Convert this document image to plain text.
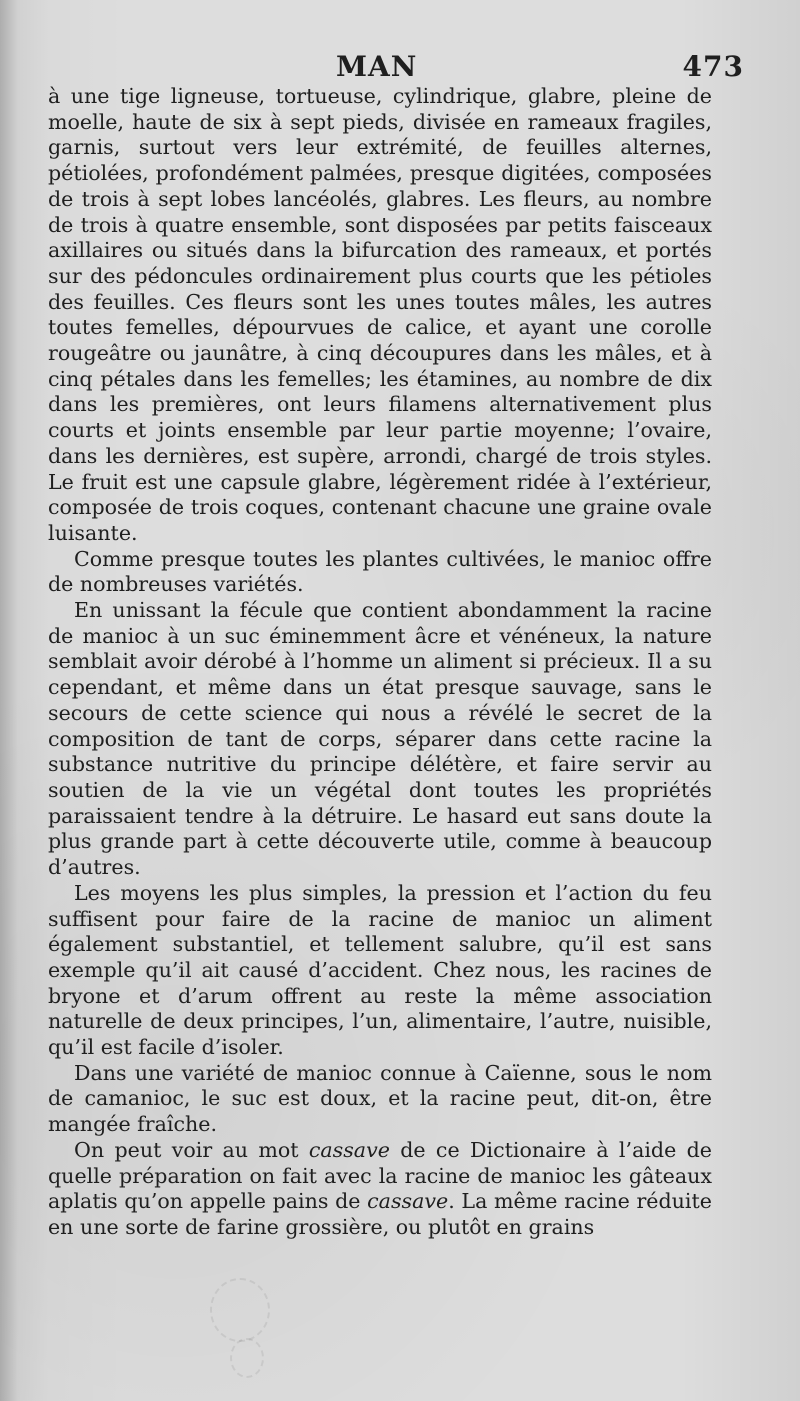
MAN	473

à une tige ligneuse, tortueuse, cylindrique, glabre, pleine de moelle, haute de six à sept pieds, divisée en rameaux fragiles, garnis, surtout vers leur extrémité, de feuilles alternes, pétiolées, profondément palmées, presque digitées, composées de trois à sept lobes lancéolés, glabres. Les fleurs, au nombre de trois à quatre ensemble, sont disposées par petits faisceaux axillaires ou situés dans la bifurcation des rameaux, et portés sur des pédoncules ordinairement plus courts que les pétioles des feuilles. Ces fleurs sont les unes toutes mâles, les autres toutes femelles, dépourvues de calice, et ayant une corolle rougeâtre ou jaunâtre, à cinq découpures dans les mâles, et à cinq pétales dans les femelles; les étamines, au nombre de dix dans les premières, ont leurs filamens alternativement plus courts et joints ensemble par leur partie moyenne; l’ovaire, dans les dernières, est supère, arrondi, chargé de trois styles. Le fruit est une capsule glabre, légèrement ridée à l’extérieur, composée de trois coques, contenant chacune une graine ovale luisante.

Comme presque toutes les plantes cultivées, le manioc offre de nombreuses variétés.

En unissant la fécule que contient abondamment la racine de manioc à un suc éminemment âcre et vénéneux, la nature semblait avoir dérobé à l’homme un aliment si précieux. Il a su cependant, et même dans un état presque sauvage, sans le secours de cette science qui nous a révélé le secret de la composition de tant de corps, séparer dans cette racine la substance nutritive du principe délétère, et faire servir au soutien de la vie un végétal dont toutes les propriétés paraissaient tendre à la détruire. Le hasard eut sans doute la plus grande part à cette découverte utile, comme à beaucoup d’autres.

Les moyens les plus simples, la pression et l’action du feu suffisent pour faire de la racine de manioc un aliment également substantiel, et tellement salubre, qu’il est sans exemple qu’il ait causé d’accident. Chez nous, les racines de bryone et d’arum offrent au reste la même association naturelle de deux principes, l’un, alimentaire, l’autre, nuisible, qu’il est facile d’isoler.

Dans une variété de manioc connue à Caïenne, sous le nom de camanioc, le suc est doux, et la racine peut, dit-on, être mangée fraîche.

On peut voir au mot cassave de ce Dictionaire à l’aide de quelle préparation on fait avec la racine de manioc les gâteaux aplatis qu’on appelle pains de cassave. La même racine réduite en une sorte de farine grossière, ou plutôt en grains
